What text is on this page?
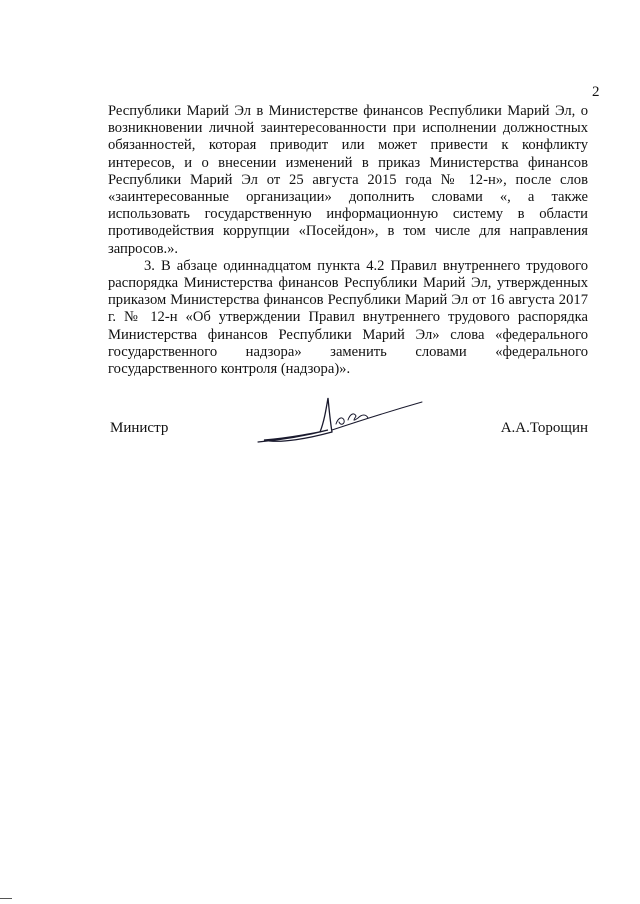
2

Республики Марий Эл в Министерстве финансов Республики Марий Эл, о возникновении личной заинтересованности при исполнении должностных обязанностей, которая приводит или может привести к конфликту интересов, и о внесении изменений в приказ Министерства финансов Республики Марий Эл от 25 августа 2015 года № 12-н», после слов «заинтересованные организации» дополнить словами «, а также использовать государственную информационную систему в области противодействия коррупции «Посейдон», в том числе для направления запросов.».

3. В абзаце одиннадцатом пункта 4.2 Правил внутреннего трудового распорядка Министерства финансов Республики Марий Эл, утвержденных приказом Министерства финансов Республики Марий Эл от 16 августа 2017 г. № 12-н «Об утверждении Правил внутреннего трудового распорядка Министерства финансов Республики Марий Эл» слова «федерального государственного надзора» заменить словами «федерального государственного контроля (надзора)».

Министр	А.А.Торощин
